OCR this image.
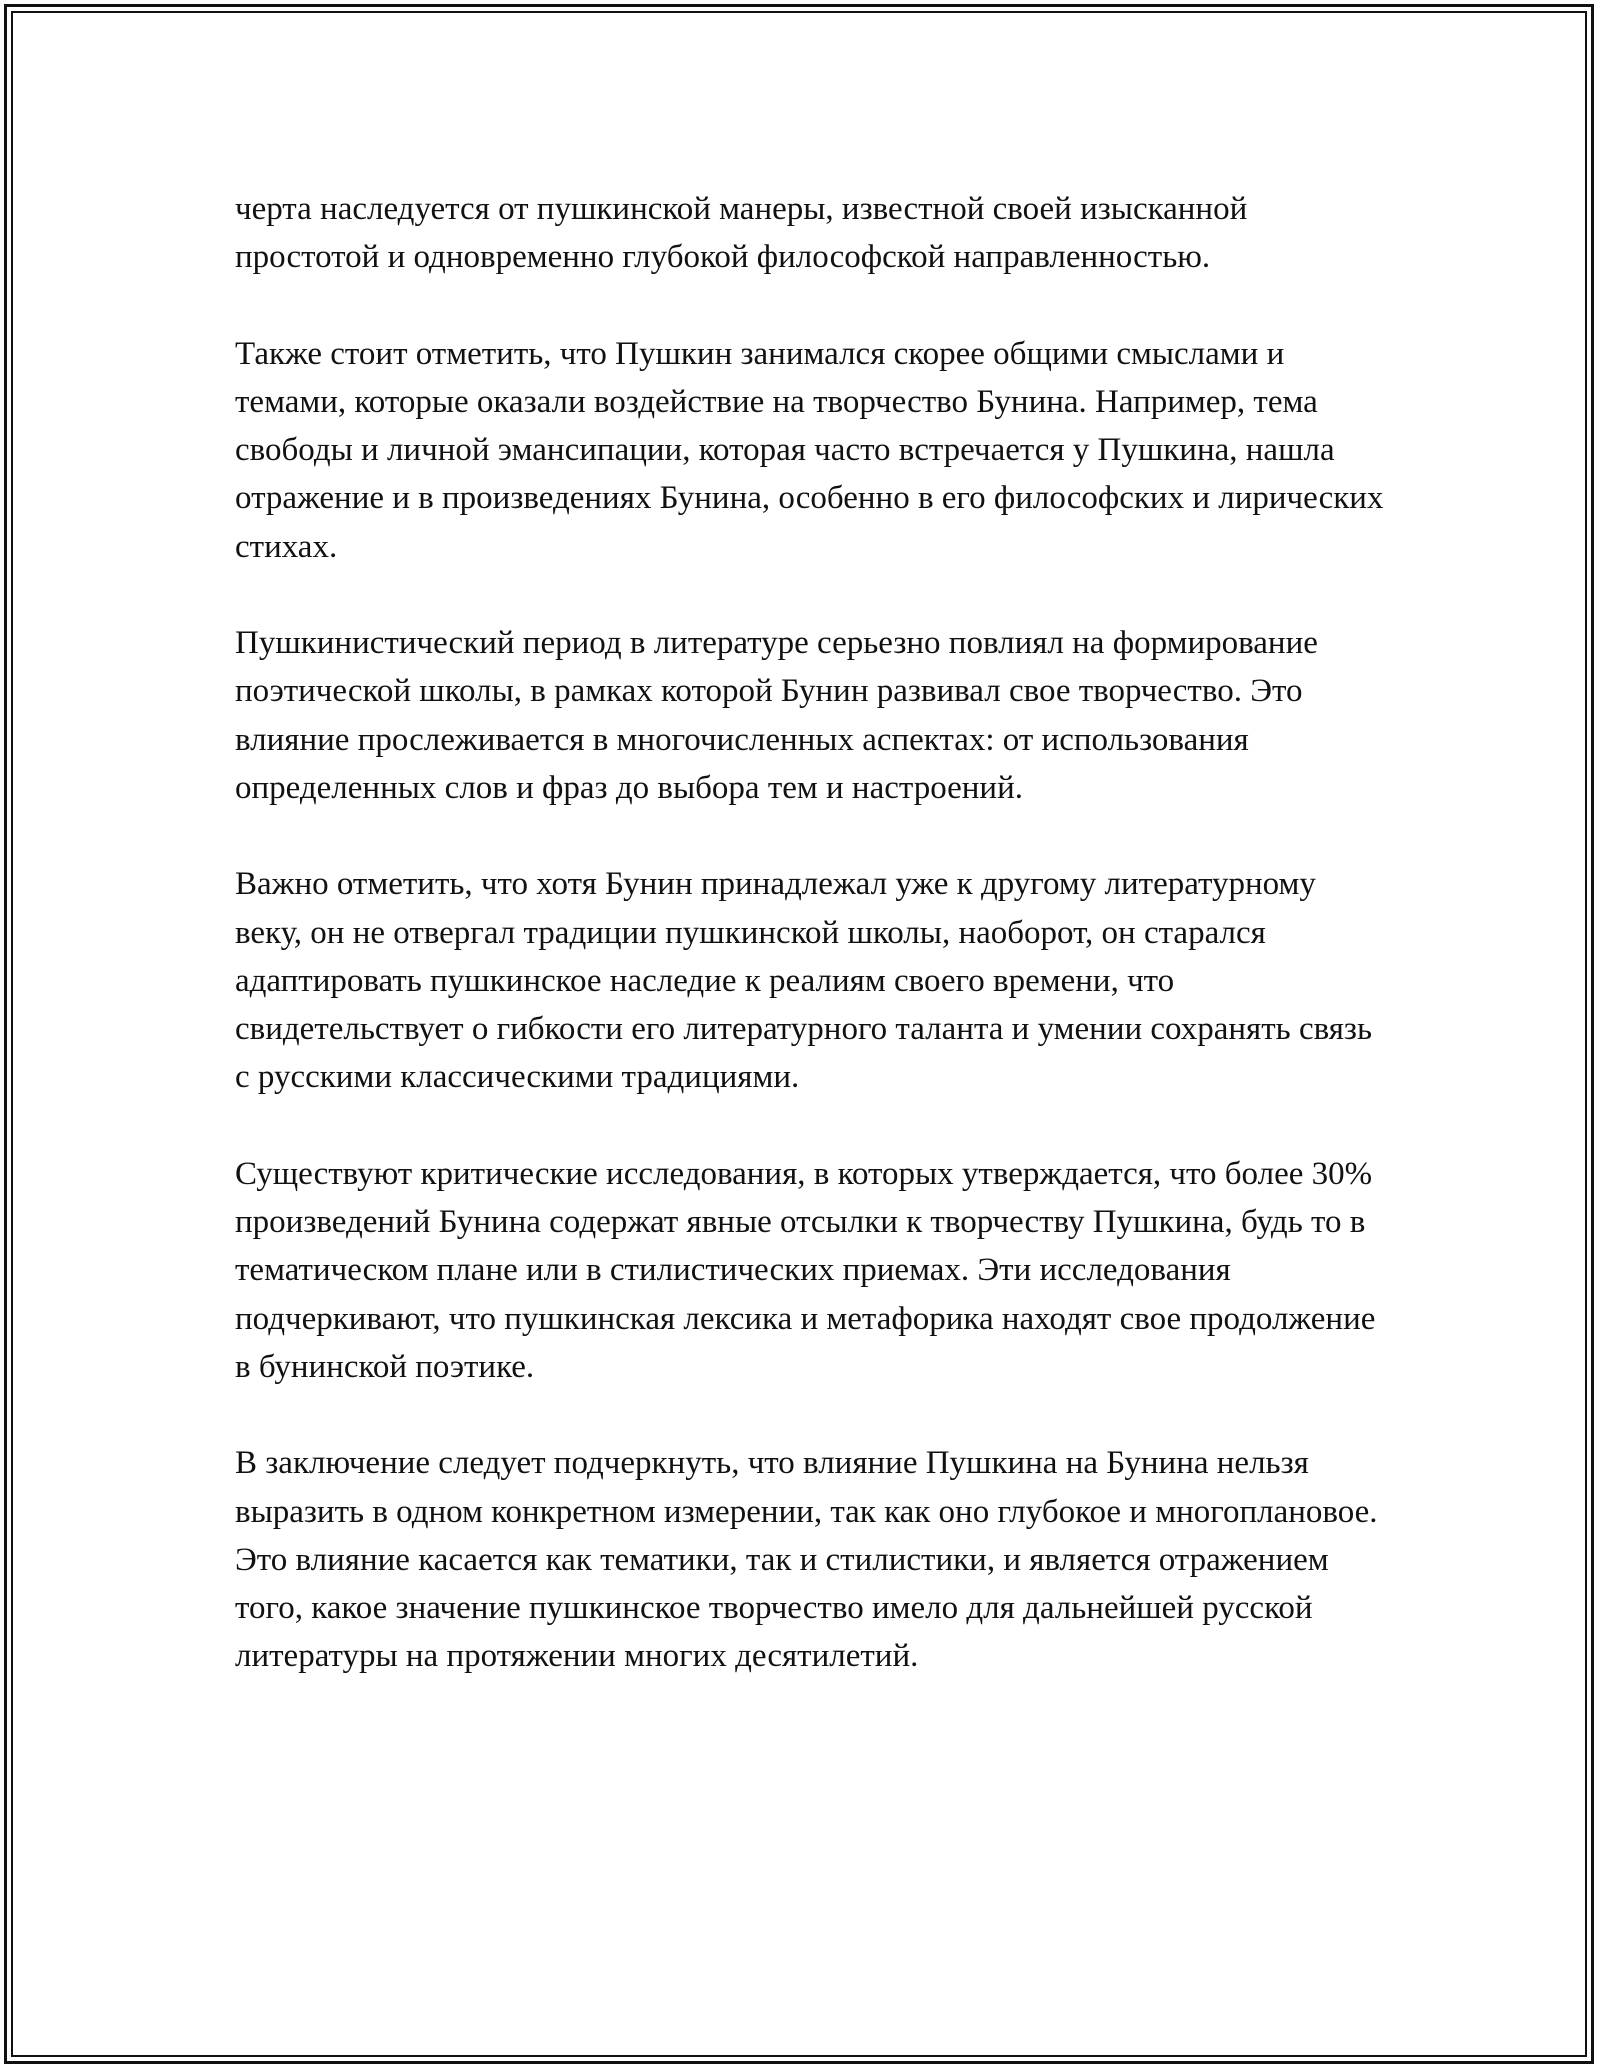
черта наследуется от пушкинской манеры, известной своей изысканной простотой и одновременно глубокой философской направленностью.

Также стоит отметить, что Пушкин занимался скорее общими смыслами и темами, которые оказали воздействие на творчество Бунина. Например, тема свободы и личной эмансипации, которая часто встречается у Пушкина, нашла отражение и в произведениях Бунина, особенно в его философских и лирических стихах.

Пушкинистический период в литературе серьезно повлиял на формирование поэтической школы, в рамках которой Бунин развивал свое творчество. Это влияние прослеживается в многочисленных аспектах: от использования определенных слов и фраз до выбора тем и настроений.

Важно отметить, что хотя Бунин принадлежал уже к другому литературному веку, он не отвергал традиции пушкинской школы, наоборот, он старался адаптировать пушкинское наследие к реалиям своего времени, что свидетельствует о гибкости его литературного таланта и умении сохранять связь с русскими классическими традициями.

Существуют критические исследования, в которых утверждается, что более 30% произведений Бунина содержат явные отсылки к творчеству Пушкина, будь то в тематическом плане или в стилистических приемах. Эти исследования подчеркивают, что пушкинская лексика и метафорика находят свое продолжение в бунинской поэтике.

В заключение следует подчеркнуть, что влияние Пушкина на Бунина нельзя выразить в одном конкретном измерении, так как оно глубокое и многоплановое. Это влияние касается как тематики, так и стилистики, и является отражением того, какое значение пушкинское творчество имело для дальнейшей русской литературы на протяжении многих десятилетий.
